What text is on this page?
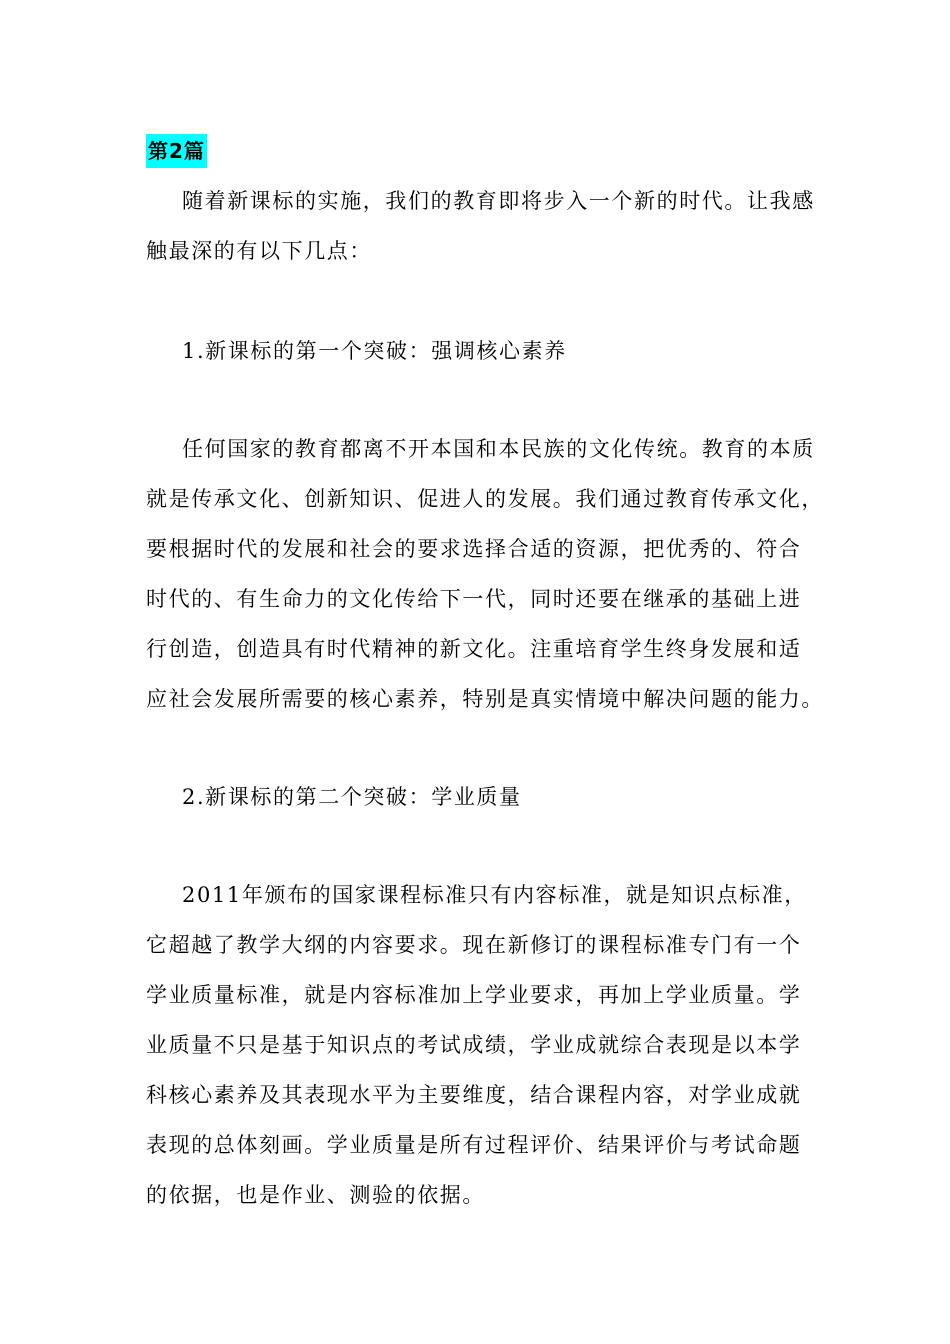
第2篇

随着新课标的实施，我们的教育即将步入一个新的时代。让我感
触最深的有以下几点：

1.新课标的第一个突破：强调核心素养

任何国家的教育都离不开本国和本民族的文化传统。教育的本质
就是传承文化、创新知识、促进人的发展。我们通过教育传承文化，
要根据时代的发展和社会的要求选择合适的资源，把优秀的、符合
时代的、有生命力的文化传给下一代，同时还要在继承的基础上进
行创造，创造具有时代精神的新文化。注重培育学生终身发展和适
应社会发展所需要的核心素养，特别是真实情境中解决问题的能力。

2.新课标的第二个突破：学业质量

2011年颁布的国家课程标准只有内容标准，就是知识点标准，
它超越了教学大纲的内容要求。现在新修订的课程标准专门有一个
学业质量标准，就是内容标准加上学业要求，再加上学业质量。学
业质量不只是基于知识点的考试成绩，学业成就综合表现是以本学
科核心素养及其表现水平为主要维度，结合课程内容，对学业成就
表现的总体刻画。学业质量是所有过程评价、结果评价与考试命题
的依据，也是作业、测验的依据。
